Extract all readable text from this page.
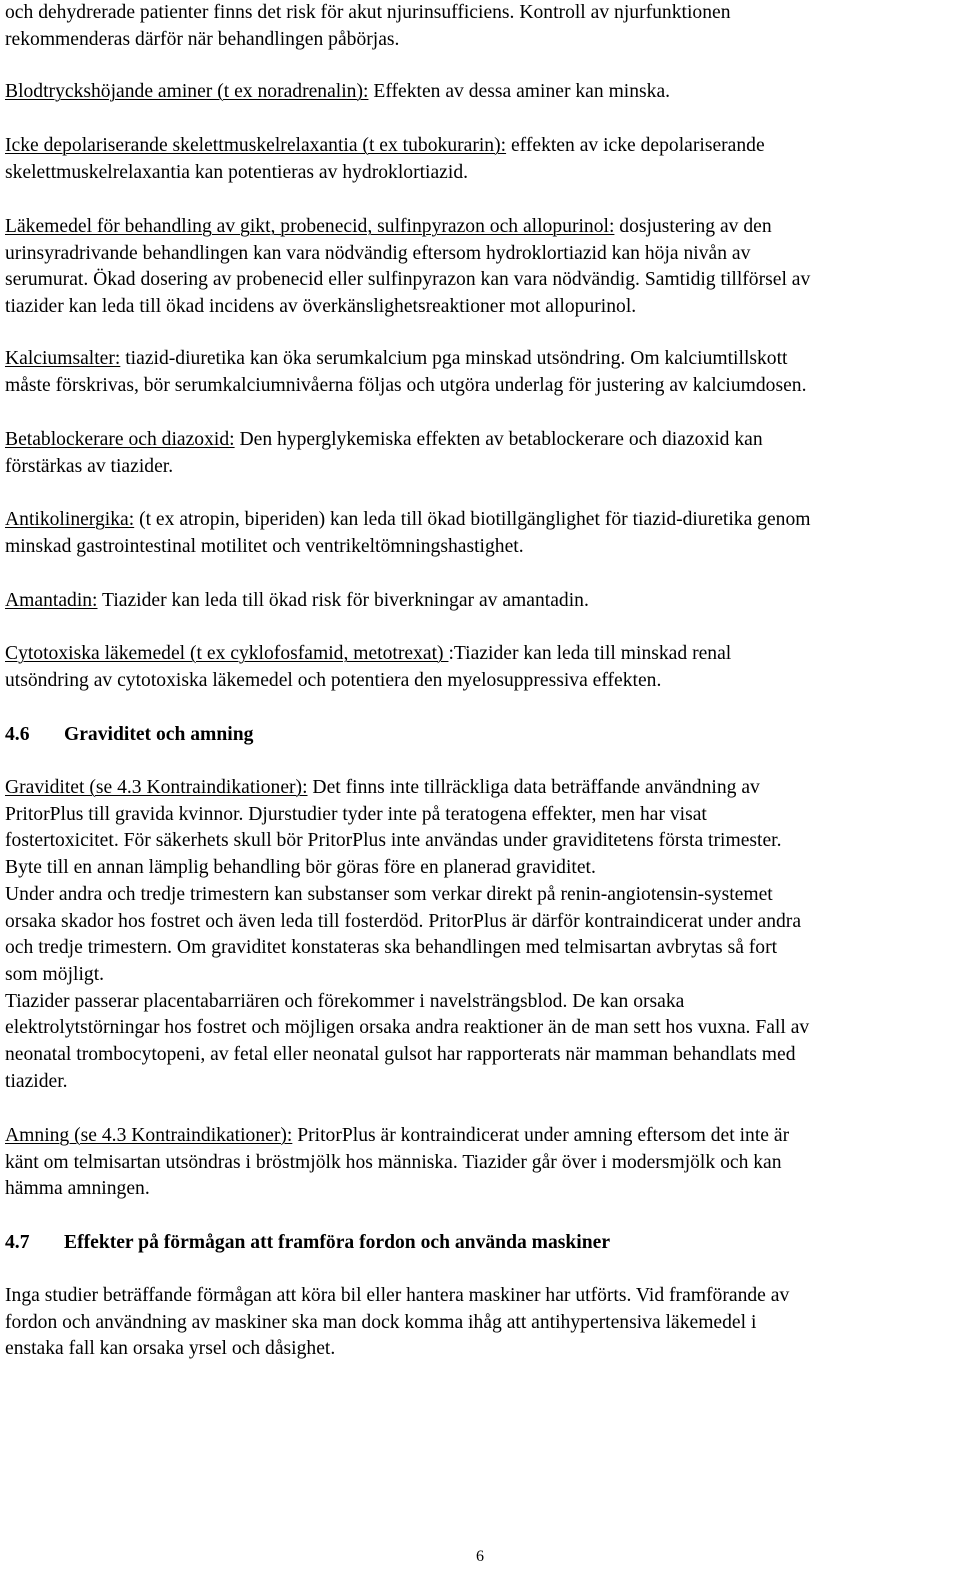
och dehydrerade patienter finns det risk för akut njurinsufficiens. Kontroll av njurfunktionen
rekommenderas därför när behandlingen påbörjas.

Blodtryckshöjande aminer (t ex noradrenalin): Effekten av dessa aminer kan minska.

Icke depolariserande skelettmuskelrelaxantia (t ex tubokurarin): effekten av icke depolariserande
skelettmuskelrelaxantia kan potentieras av hydroklortiazid.

Läkemedel för behandling av gikt, probenecid, sulfinpyrazon och allopurinol: dosjustering av den
urinsyradrivande behandlingen kan vara nödvändig eftersom hydroklortiazid kan höja nivån av
serumurat. Ökad dosering av probenecid eller sulfinpyrazon kan vara nödvändig. Samtidig tillförsel av
tiazider kan leda till ökad incidens av överkänslighetsreaktioner mot allopurinol.

Kalciumsalter: tiazid-diuretika kan öka serumkalcium pga minskad utsöndring. Om kalciumtillskott
måste förskrivas, bör serumkalciumnivåerna följas och utgöra underlag för justering av kalciumdosen.

Betablockerare och diazoxid: Den hyperglykemiska effekten av betablockerare och diazoxid kan
förstärkas av tiazider.

Antikolinergika: (t ex atropin, biperiden) kan leda till ökad biotillgänglighet för tiazid-diuretika genom
minskad gastrointestinal motilitet och ventrikeltömningshastighet.

Amantadin: Tiazider kan leda till ökad risk för biverkningar av amantadin.

Cytotoxiska läkemedel (t ex cyklofosfamid, metotrexat) :Tiazider kan leda till minskad renal
utsöndring av cytotoxiska läkemedel och potentiera den myelosuppressiva effekten.

4.6 Graviditet och amning

Graviditet (se 4.3 Kontraindikationer): Det finns inte tillräckliga data beträffande användning av
PritorPlus till gravida kvinnor. Djurstudier tyder inte på teratogena effekter, men har visat
fostertoxicitet. För säkerhets skull bör PritorPlus inte användas under graviditetens första trimester.
Byte till en annan lämplig behandling bör göras före en planerad graviditet.
Under andra och tredje trimestern kan substanser som verkar direkt på renin-angiotensin-systemet
orsaka skador hos fostret och även leda till fosterdöd. PritorPlus är därför kontraindicerat under andra
och tredje trimestern. Om graviditet konstateras ska behandlingen med telmisartan avbrytas så fort
som möjligt.
Tiazider passerar placentabarriären och förekommer i navelsträngsblod. De kan orsaka
elektrolytstörningar hos fostret och möjligen orsaka andra reaktioner än de man sett hos vuxna. Fall av
neonatal trombocytopeni, av fetal eller neonatal gulsot har rapporterats när mamman behandlats med
tiazider.

Amning (se 4.3 Kontraindikationer): PritorPlus är kontraindicerat under amning eftersom det inte är
känt om telmisartan utsöndras i bröstmjölk hos människa. Tiazider går över i modersmjölk och kan
hämma amningen.

4.7 Effekter på förmågan att framföra fordon och använda maskiner

Inga studier beträffande förmågan att köra bil eller hantera maskiner har utförts. Vid framförande av
fordon och användning av maskiner ska man dock komma ihåg att antihypertensiva läkemedel i
enstaka fall kan orsaka yrsel och dåsighet.

6
